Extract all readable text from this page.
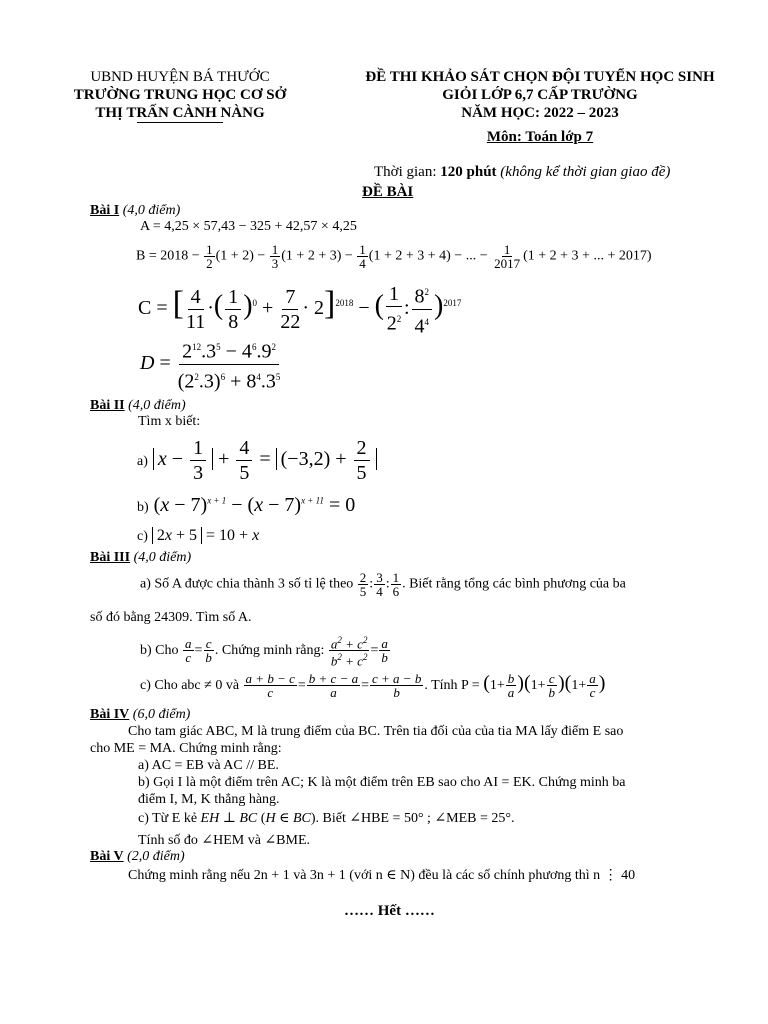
UBND HUYỆN BÁ THƯỚC
TRƯỜNG TRUNG HỌC CƠ SỞ
THỊ TRẤN CÀNH NÀNG
ĐỀ THI KHẢO SÁT CHỌN ĐỘI TUYỂN HỌC SINH
GIỎI LỚP 6,7 CẤP TRƯỜNG
NĂM HỌC: 2022 – 2023
Môn: Toán lớp 7
Thời gian: 120 phút (không kể thời gian giao đề)
ĐỀ BÀI
Bài I (4,0 điểm)
A = 4,25 × 57,43 − 325 + 42,57 × 4,25
$B = 2018 - \frac{1}{2} (1 + 2) - \frac{1}{3} (1 + 2 + 3) - \frac{1}{4} (1 + 2 + 3 + 4)$ − ... − $\frac{1}{2017} (1 + 2 + 3$ + ... + 2017)
C = [ $\frac{4}{11}$ ·( $\frac{1}{8} )^0 + \frac{7}{22} \cdot 2]^{2018}$ − ( $\frac{1}{2^2}$ : $\frac{8^2}{4^4} )^{2017}$
$D = \frac{2^{12}.3^5 - 4^6.9^2}{(2^2.3)^6 + 8^4.3^5}$
Bài II (4,0 điểm)
Tìm x biết:
a) $x - \frac{1}{3} + \frac{4}{5} = (-3,2) + \frac{2}{5}$
b) $(x - 7)^{x + 1} - (x - 7)^{x + 11} = 0$
c) 2x + 5 = 10 + x
Bài III (4,0 điểm)
a) Số A được chia thành 3 số tỉ lệ theo $\frac{2}{5}$ : $\frac{3}{4}$ : $\frac{1}{6}$ . Biết rằng tổng các bình phương của ba
số đó bằng 24309. Tìm số A.
b) Cho $\frac{a}{c} = \frac{c}{b}$ . Chứng minh rằng: $\frac{a^2 + c^2}{b^2 + c^2} = \frac{a}{b}$
c) Cho abc ≠ 0 và $\frac{a + b - c}{c} = \frac{b + c - a}{a} = \frac{c + a - b}{b}$ . Tính $P = (1+ \frac{b}{a} )(1+ \frac{c}{b} )(1+ \frac{a}{c}$ )
Bài IV (6,0 điểm)
Cho tam giác ABC, M là trung điểm của BC. Trên tia đối của của tia MA lấy điểm E sao
cho ME = MA. Chứng minh rằng:
a) AC = EB và AC // BE.
b) Gọi I là một điểm trên AC; K là một điểm trên EB sao cho AI = EK. Chứng minh ba
điểm I, M, K thẳng hàng.
c) Từ E kẻ EH ⊥ BC (H ∈ BC). Biết ∠HBE = 50° ; ∠MEB = 25°.
Tính số đo ∠HEM và ∠BME.
Bài V (2,0 điểm)
Chứng minh rằng nếu 2n + 1 và 3n + 1 (với n ∈ N) đều là các số chính phương thì n ⋮ 40
…… Hết ……
